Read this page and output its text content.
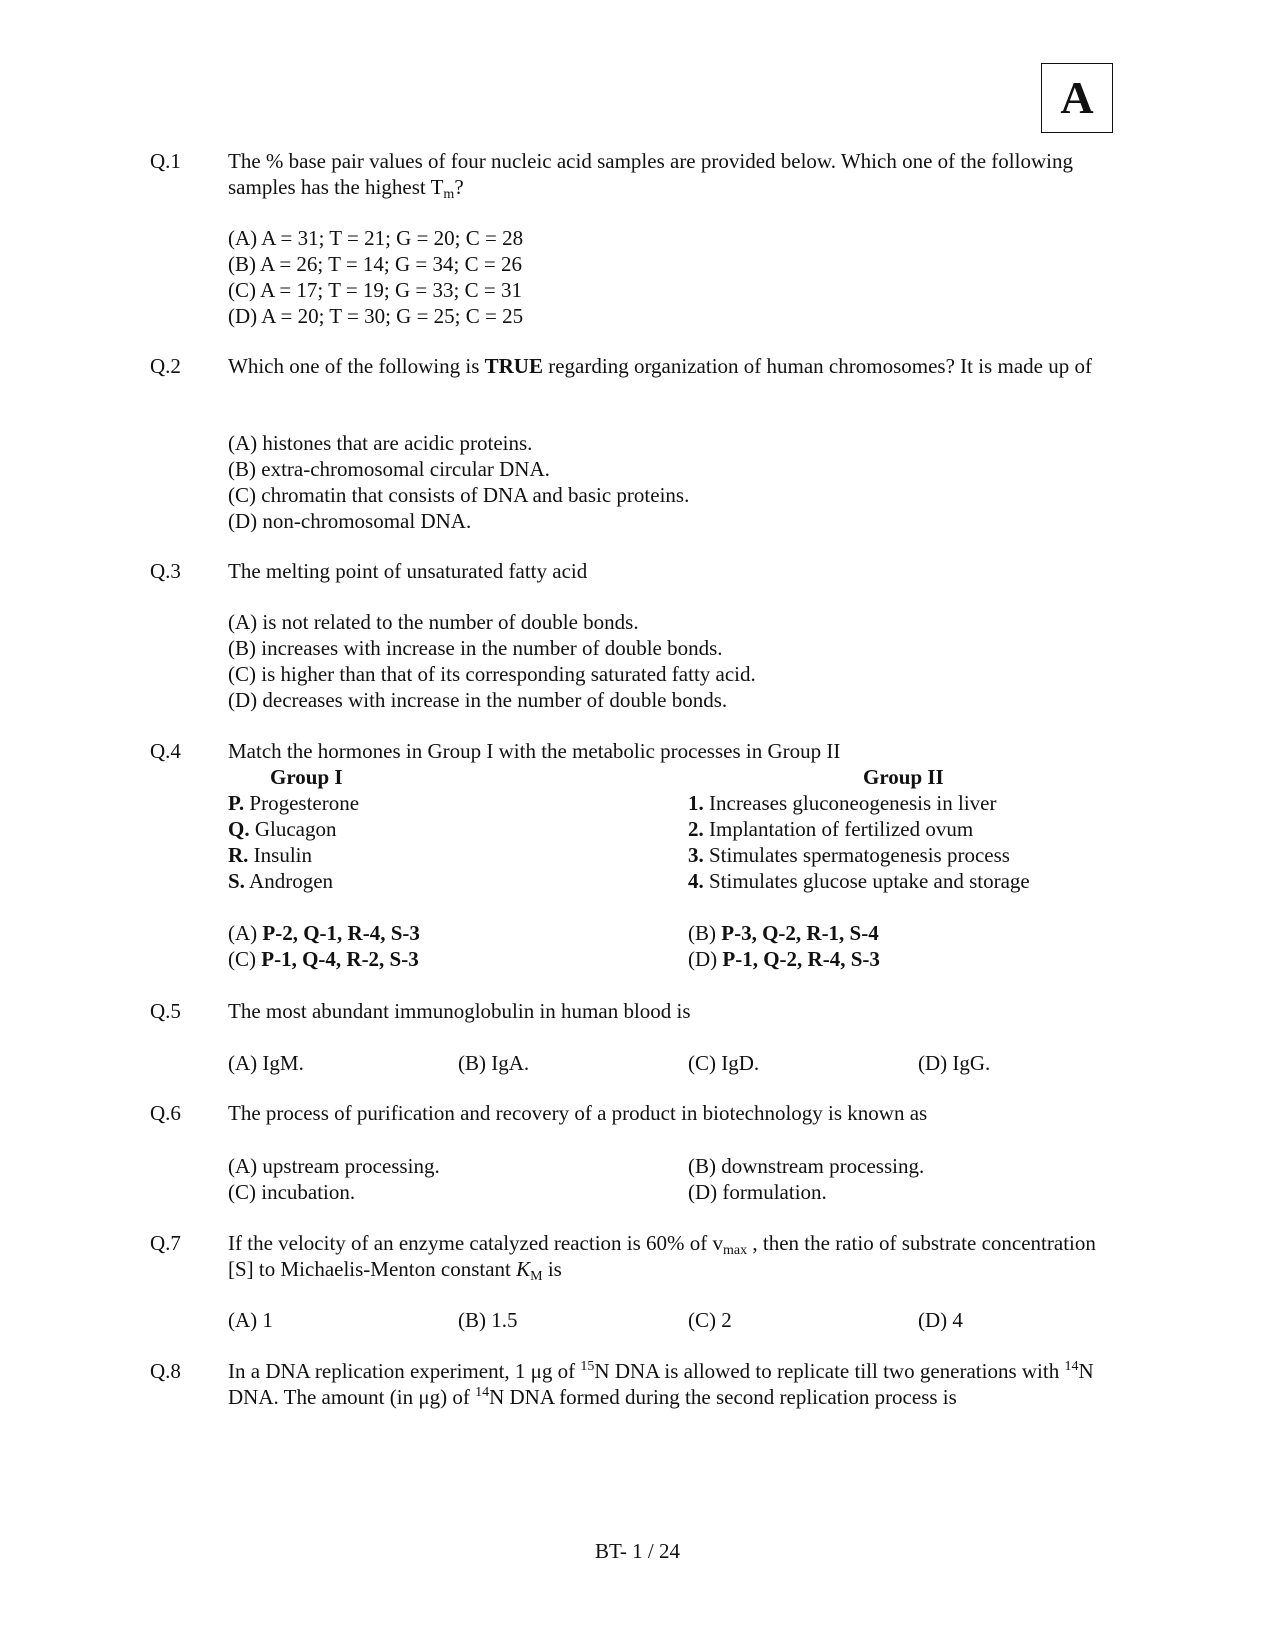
A
Q.1 The % base pair values of four nucleic acid samples are provided below. Which one of the following samples has the highest $T_m$?
(A) A = 31; T = 21; G = 20; C = 28
(B) A = 26; T = 14; G = 34; C = 26
(C) A = 17; T = 19; G = 33; C = 31
(D) A = 20; T = 30; G = 25; C = 25
Q.2 Which one of the following is TRUE regarding organization of human chromosomes? It is made up of
(A) histones that are acidic proteins.
(B) extra-chromosomal circular DNA.
(C) chromatin that consists of DNA and basic proteins.
(D) non-chromosomal DNA.
Q.3 The melting point of unsaturated fatty acid
(A) is not related to the number of double bonds.
(B) increases with increase in the number of double bonds.
(C) is higher than that of its corresponding saturated fatty acid.
(D) decreases with increase in the number of double bonds.
Q.4 Match the hormones in Group I with the metabolic processes in Group II
Group I	Group II
P. Progesterone	1. Increases gluconeogenesis in liver
Q. Glucagon	2. Implantation of fertilized ovum
R. Insulin	3. Stimulates spermatogenesis process
S. Androgen	4. Stimulates glucose uptake and storage
(A) P-2, Q-1, R-4, S-3	(B) P-3, Q-2, R-1, S-4
(C) P-1, Q-4, R-2, S-3	(D) P-1, Q-2, R-4, S-3
Q.5 The most abundant immunoglobulin in human blood is
(A) IgM.	(B) IgA.	(C) IgD.	(D) IgG.
Q.6 The process of purification and recovery of a product in biotechnology is known as
(A) upstream processing.	(B) downstream processing.
(C) incubation.	(D) formulation.
Q.7 If the velocity of an enzyme catalyzed reaction is 60% of $v_{max}$ , then the ratio of substrate concentration [S] to Michaelis-Menton constant $K_M$ is
(A) 1	(B) 1.5	(C) 2	(D) 4
Q.8 In a DNA replication experiment, 1 μg of $^{15}$N DNA is allowed to replicate till two generations with $^{14}$N DNA. The amount (in μg) of $^{14}$N DNA formed during the second replication process is
BT- 1 / 24
